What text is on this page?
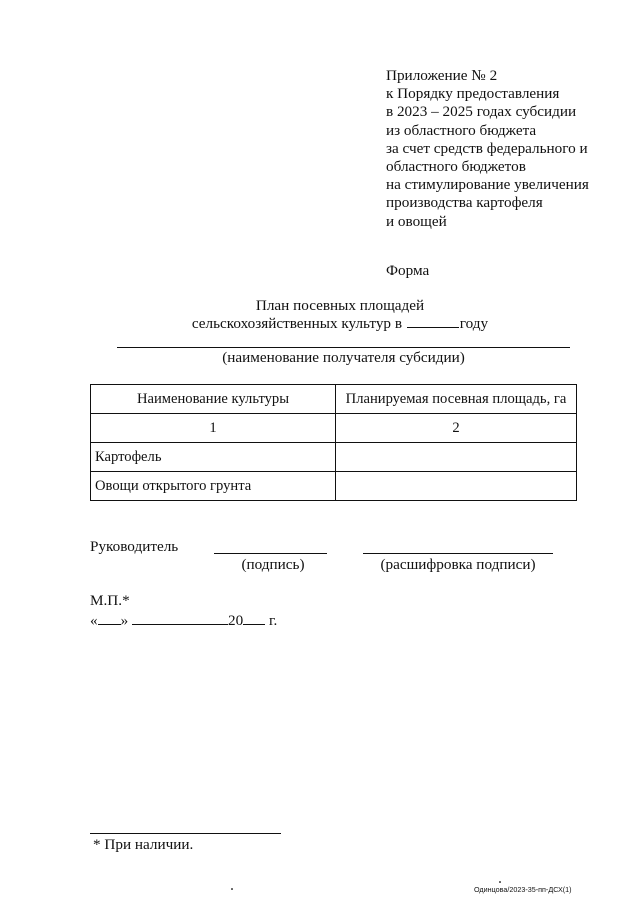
Приложение № 2
к Порядку предоставления
в 2023 – 2025 годах субсидии
из областного бюджета
за счет средств федерального и
областного бюджетов
на стимулирование увеличения
производства картофеля
и овощей
Форма
План посевных площадей
сельскохозяйственных культур в	году
(наименование получателя субсидии)
Наименование культуры	Планируемая посевная площадь, га
1	2
Картофель	
Овощи открытого грунта	
Руководитель
(подпись)	(расшифровка подписи)
М.П.*
« »	20 г.
* При наличии.
Одинцова/2023-35-пп-ДСХ(1)
